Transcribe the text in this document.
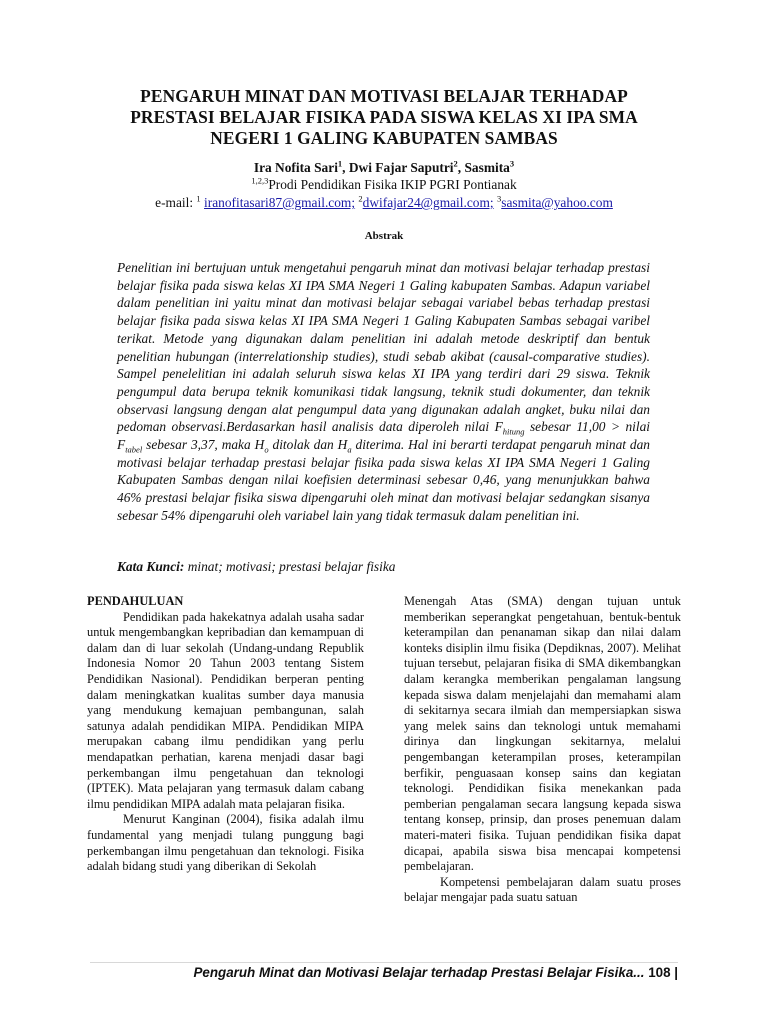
PENGARUH MINAT DAN MOTIVASI BELAJAR TERHADAP
PRESTASI BELAJAR FISIKA PADA SISWA KELAS XI IPA SMA
NEGERI 1 GALING KABUPATEN SAMBAS
Ira Nofita Sari$^1$, Dwi Fajar Saputri$^2$, Sasmita$^3$
$^{1,2,3}$Prodi Pendidikan Fisika IKIP PGRI Pontianak
e-mail: $^1$ iranofitasari87@gmail.com; $^2$dwifajar24@gmail.com; $^3$sasmita@yahoo.com
Abstrak
Penelitian ini bertujuan untuk mengetahui pengaruh minat dan motivasi belajar terhadap prestasi belajar fisika pada siswa kelas XI IPA SMA Negeri 1 Galing kabupaten Sambas. Adapun variabel dalam penelitian ini yaitu minat dan motivasi belajar sebagai variabel bebas terhadap prestasi belajar fisika pada siswa kelas XI IPA SMA Negeri 1 Galing Kabupaten Sambas sebagai varibel terikat. Metode yang digunakan dalam penelitian ini adalah metode deskriptif dan bentuk penelitian hubungan (interrelationship studies), studi sebab akibat (causal-comparative studies). Sampel penelelitian ini adalah seluruh siswa kelas XI IPA yang terdiri dari 29 siswa. Teknik pengumpul data berupa teknik komunikasi tidak langsung, teknik studi dokumenter, dan teknik observasi langsung dengan alat pengumpul data yang digunakan adalah angket, buku nilai dan pedoman observasi.Berdasarkan hasil analisis data diperoleh nilai $F_{hitung}$ sebesar 11,00 > nilai $F_{tabel}$ sebesar 3,37, maka $H_o$ ditolak dan $H_a$ diterima. Hal ini berarti terdapat pengaruh minat dan motivasi belajar terhadap prestasi belajar fisika pada siswa kelas XI IPA SMA Negeri 1 Galing Kabupaten Sambas dengan nilai koefisien determinasi sebesar 0,46, yang menunjukkan bahwa 46% prestasi belajar fisika siswa dipengaruhi oleh minat dan motivasi belajar sedangkan sisanya sebesar 54% dipengaruhi oleh variabel lain yang tidak termasuk dalam penelitian ini.
Kata Kunci: minat; motivasi; prestasi belajar fisika

PENDAHULUAN

Pendidikan pada hakekatnya adalah usaha sadar untuk mengembangkan kepribadian dan kemampuan di dalam dan di luar sekolah (Undang-undang Republik Indonesia Nomor 20 Tahun 2003 tentang Sistem Pendidikan Nasional). Pendidikan berperan penting dalam meningkatkan kualitas sumber daya manusia yang mendukung kemajuan pembangunan, salah satunya adalah pendidikan MIPA. Pendidikan MIPA merupakan cabang ilmu pendidikan yang perlu mendapatkan perhatian, karena menjadi dasar bagi perkembangan ilmu pengetahuan dan teknologi (IPTEK). Mata pelajaran yang termasuk dalam cabang ilmu pendidikan MIPA adalah mata pelajaran fisika.

Menurut Kanginan (2004), fisika adalah ilmu fundamental yang menjadi tulang punggung bagi perkembangan ilmu pengetahuan dan teknologi. Fisika adalah bidang studi yang diberikan di Sekolah

Menengah Atas (SMA) dengan tujuan untuk memberikan seperangkat pengetahuan, bentuk-bentuk keterampilan dan penanaman sikap dan nilai dalam konteks disiplin ilmu fisika (Depdiknas, 2007). Melihat tujuan tersebut, pelajaran fisika di SMA dikembangkan dalam kerangka memberikan pengalaman langsung kepada siswa dalam menjelajahi dan memahami alam di sekitarnya secara ilmiah dan mempersiapkan siswa yang melek sains dan teknologi untuk memahami dirinya dan lingkungan sekitarnya, melalui pengembangan keterampilan proses, keterampilan berfikir, penguasaan konsep sains dan kegiatan teknologi. Pendidikan fisika menekankan pada pemberian pengalaman secara langsung kepada siswa tentang konsep, prinsip, dan proses penemuan dalam materi-materi fisika. Tujuan pendidikan fisika dapat dicapai, apabila siswa bisa mencapai kompetensi pembelajaran.

Kompetensi pembelajaran dalam suatu proses belajar mengajar pada suatu satuan

Pengaruh Minat dan Motivasi Belajar terhadap Prestasi Belajar Fisika... 108 |
